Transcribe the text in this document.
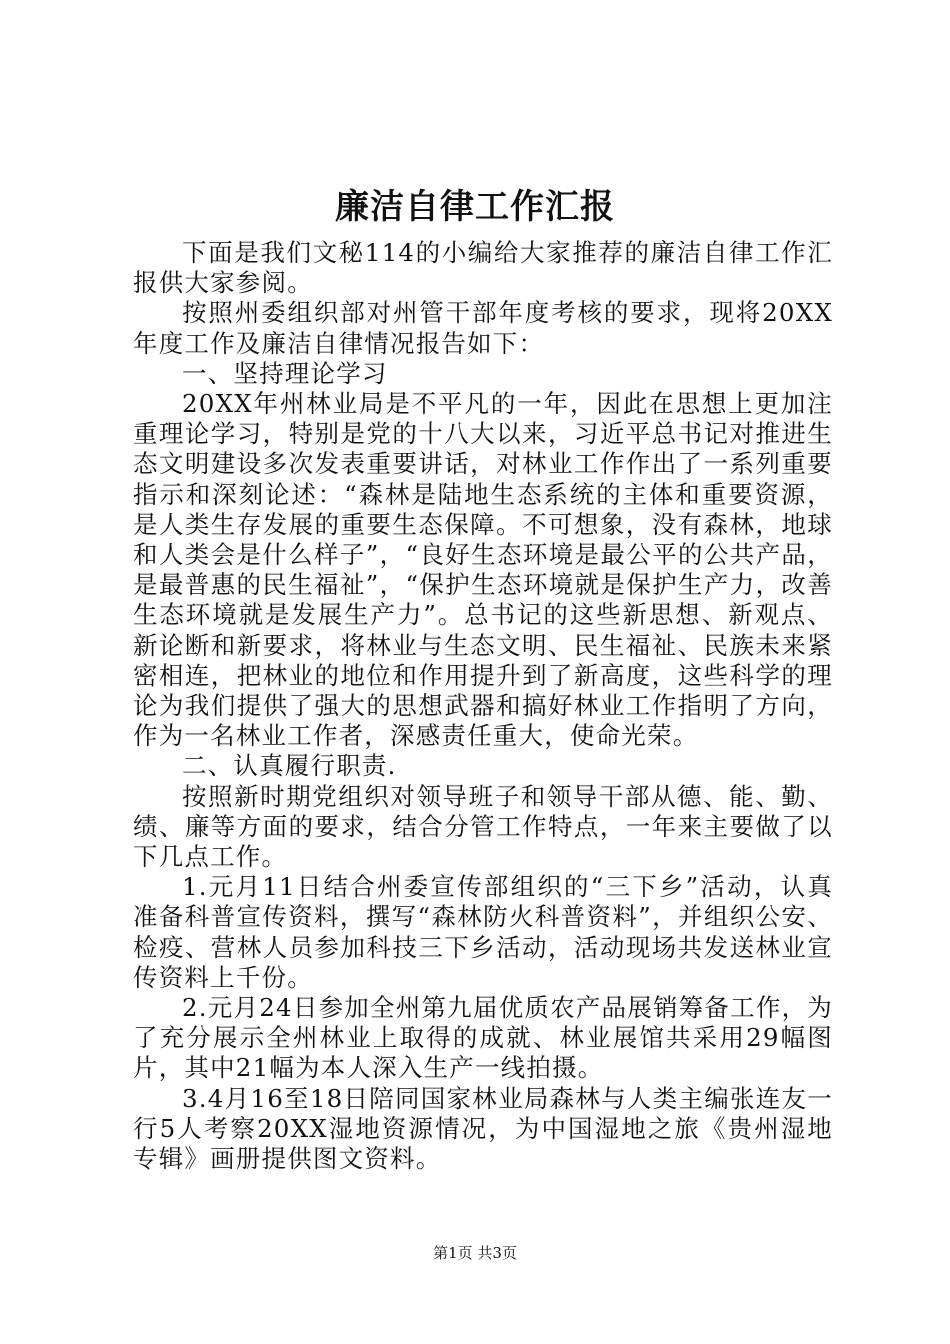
廉洁自律工作汇报

下面是我们文秘114的小编给大家推荐的廉洁自律工作汇报供大家参阅。

按照州委组织部对州管干部年度考核的要求，现将20XX年度工作及廉洁自律情况报告如下：

一、坚持理论学习

20XX年州林业局是不平凡的一年，因此在思想上更加注重理论学习，特别是党的十八大以来，习近平总书记对推进生态文明建设多次发表重要讲话，对林业工作作出了一系列重要指示和深刻论述：“森林是陆地生态系统的主体和重要资源，是人类生存发展的重要生态保障。不可想象，没有森林，地球和人类会是什么样子”，“良好生态环境是最公平的公共产品，是最普惠的民生福祉”，“保护生态环境就是保护生产力，改善生态环境就是发展生产力”。总书记的这些新思想、新观点、新论断和新要求，将林业与生态文明、民生福祉、民族未来紧密相连，把林业的地位和作用提升到了新高度，这些科学的理论为我们提供了强大的思想武器和搞好林业工作指明了方向，作为一名林业工作者，深感责任重大，使命光荣。

二、认真履行职责.

按照新时期党组织对领导班子和领导干部从德、能、勤、绩、廉等方面的要求，结合分管工作特点，一年来主要做了以下几点工作。

1.元月11日结合州委宣传部组织的“三下乡”活动，认真准备科普宣传资料，撰写“森林防火科普资料”，并组织公安、检疫、营林人员参加科技三下乡活动，活动现场共发送林业宣传资料上千份。

2.元月24日参加全州第九届优质农产品展销筹备工作，为了充分展示全州林业上取得的成就、林业展馆共采用29幅图片，其中21幅为本人深入生产一线拍摄。

3.4月16至18日陪同国家林业局森林与人类主编张连友一行5人考察20XX湿地资源情况，为中国湿地之旅《贵州湿地专辑》画册提供图文资料。

第1页 共3页
